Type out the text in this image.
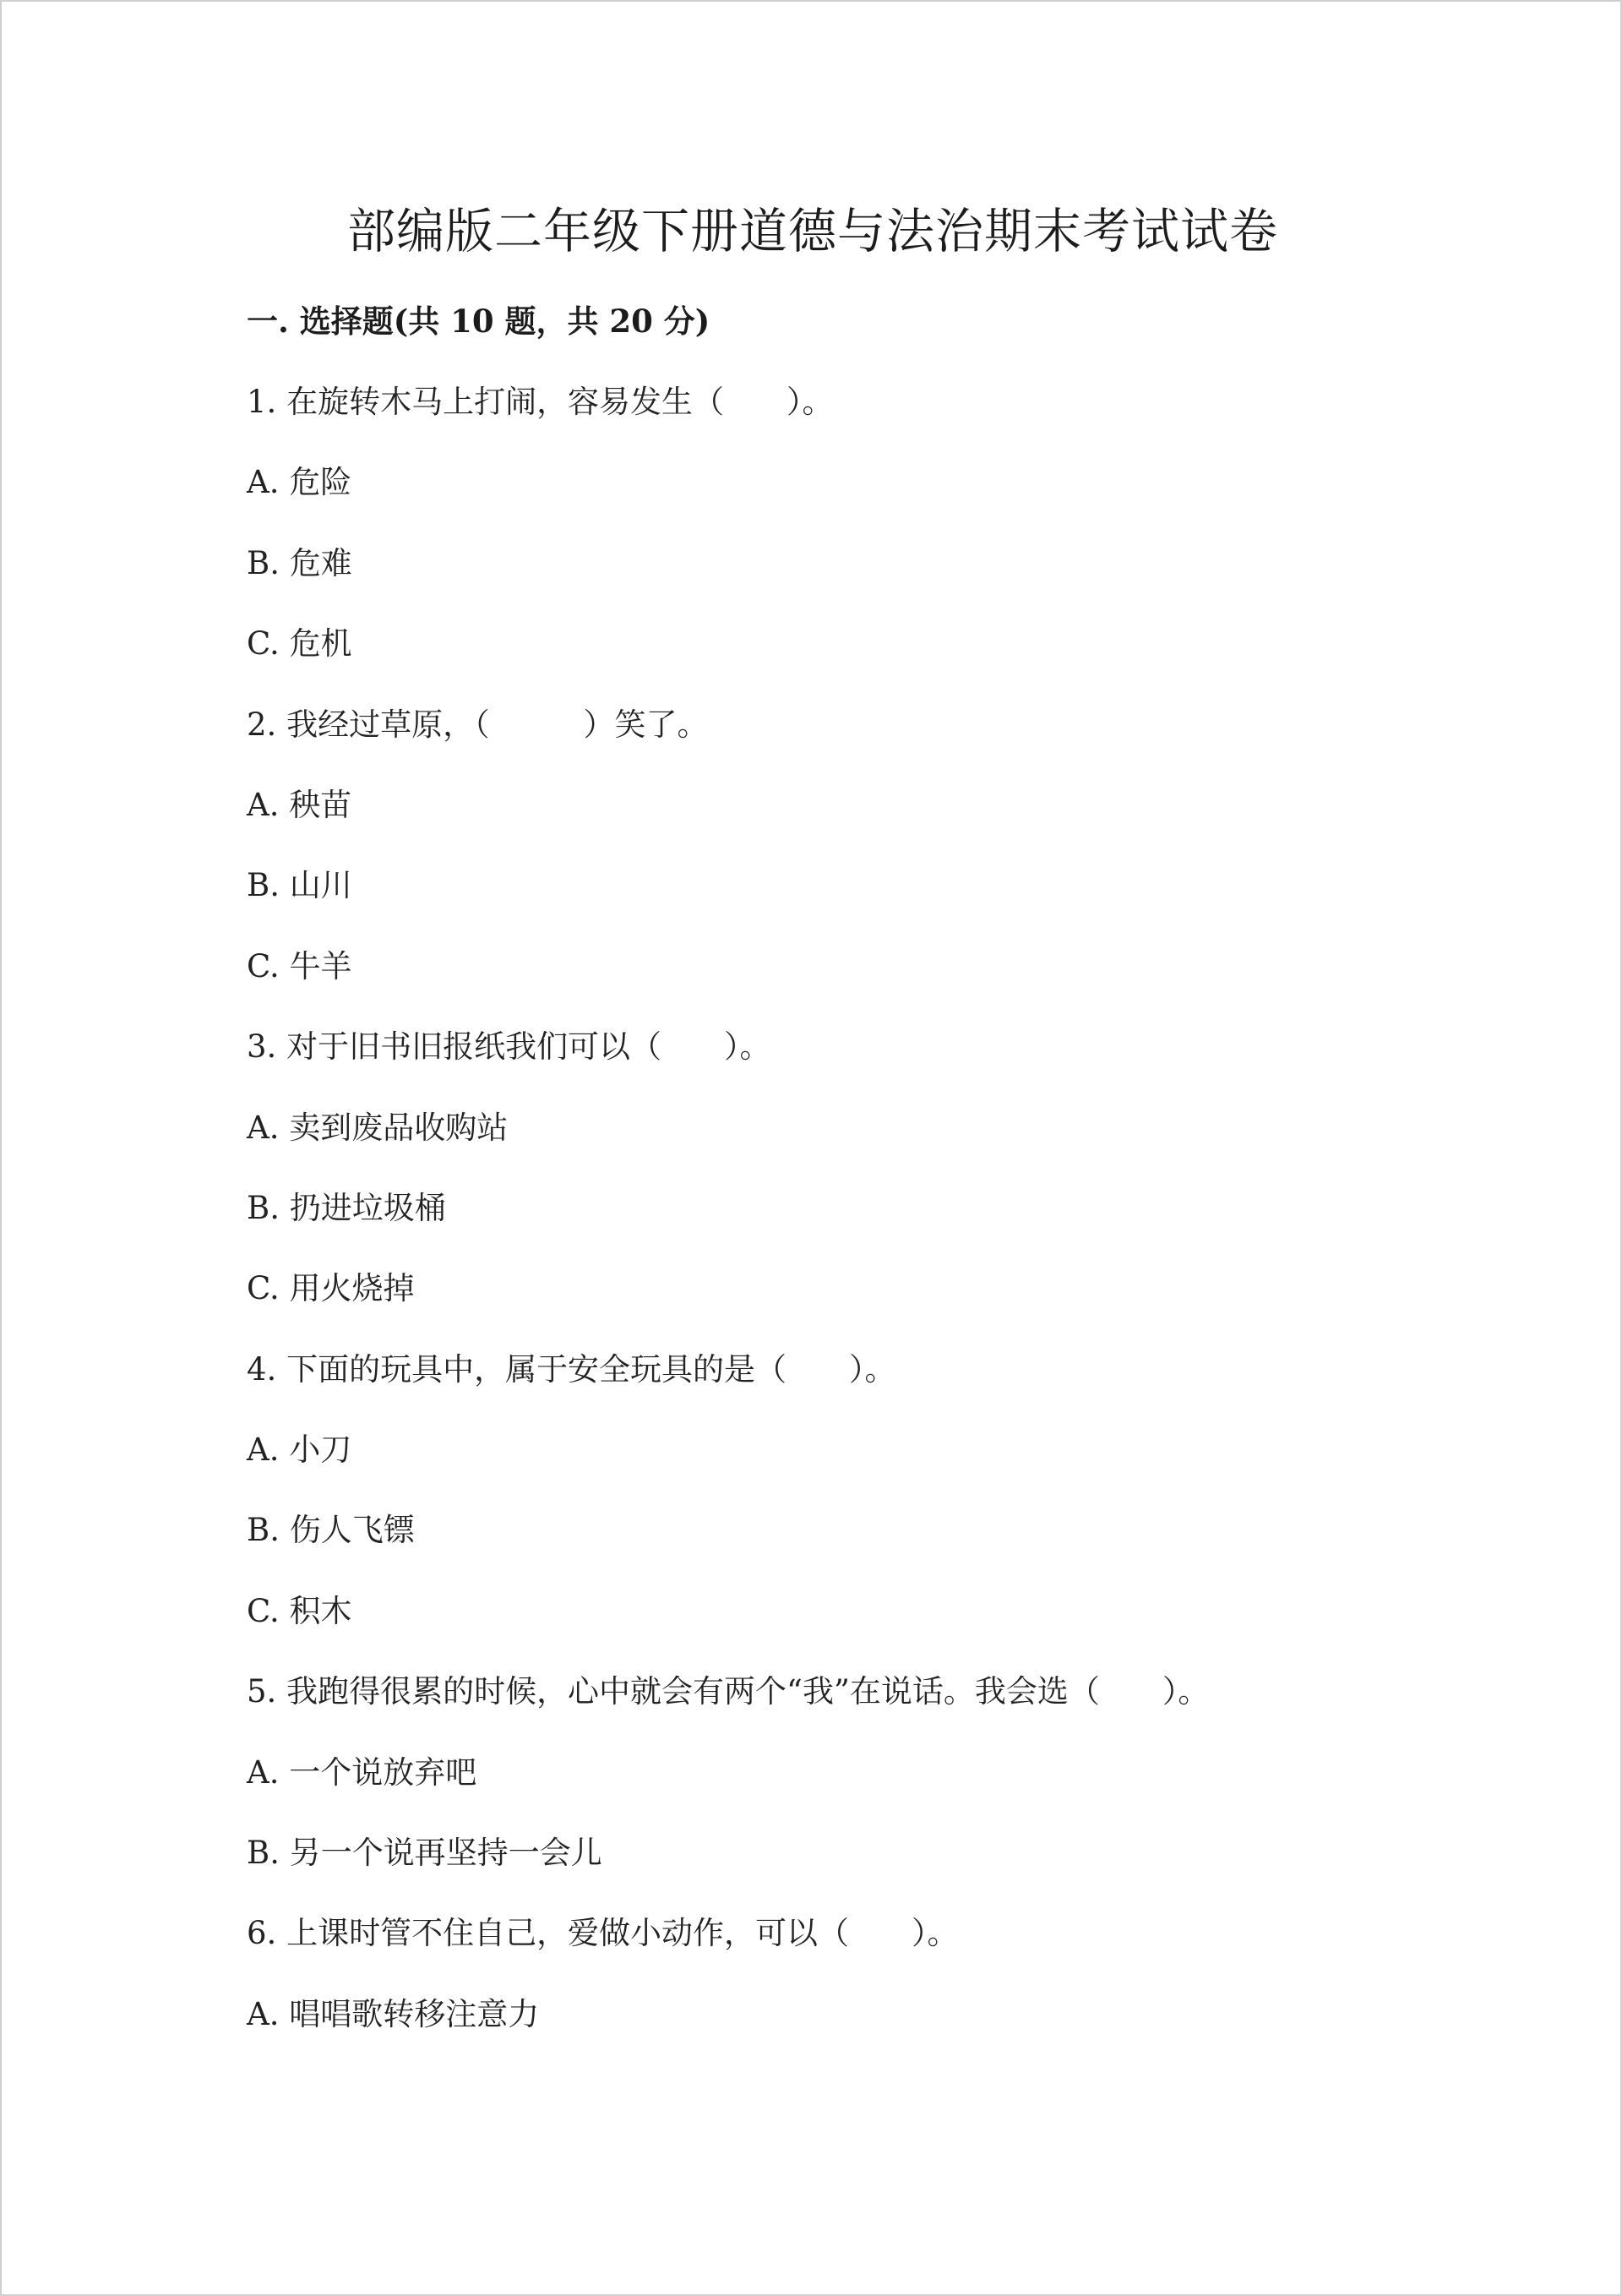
部编版二年级下册道德与法治期末考试试卷
一. 选择题(共 10 题，共 20 分)
1. 在旋转木马上打闹，容易发生（　　）。
A. 危险
B. 危难
C. 危机
2. 我经过草原，（　　　）笑了。
A. 秧苗
B. 山川
C. 牛羊
3. 对于旧书旧报纸我们可以（　　）。
A. 卖到废品收购站
B. 扔进垃圾桶
C. 用火烧掉
4. 下面的玩具中，属于安全玩具的是（　　）。
A. 小刀
B. 伤人飞镖
C. 积木
5. 我跑得很累的时候，心中就会有两个“我”在说话。我会选（　　）。
A. 一个说放弃吧
B. 另一个说再坚持一会儿
6. 上课时管不住自己，爱做小动作，可以（　　）。
A. 唱唱歌转移注意力
